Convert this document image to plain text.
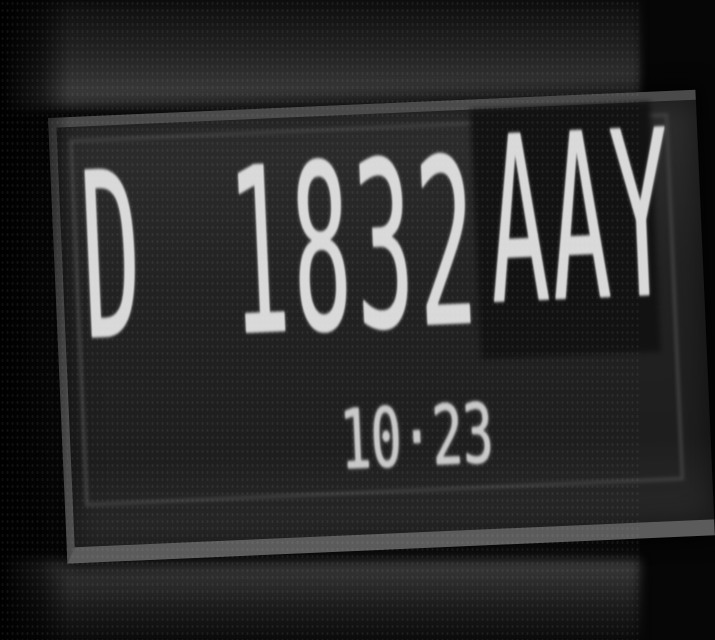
D 1832
AAY
10·23
